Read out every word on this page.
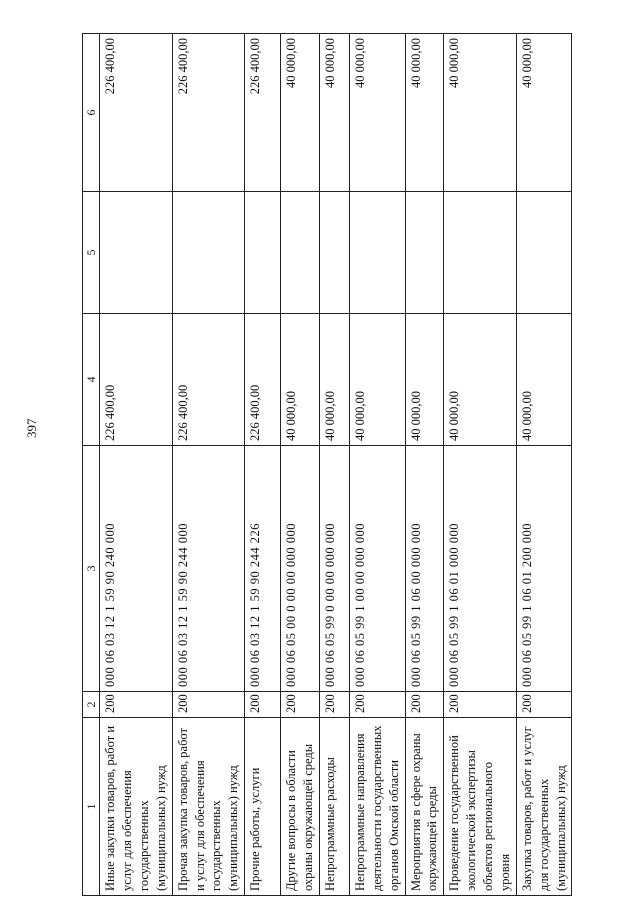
397
1	2	3	4	5	6
Иные закупки товаров, работ и услуг для обеспечения государственных (муниципальных) нужд	200	000 06 03 12 1 59 90 240 000	226 400,00		226 400,00
Прочая закупка товаров, работ и услуг для обеспечения государственных (муниципальных) нужд	200	000 06 03 12 1 59 90 244 000	226 400,00		226 400,00
Прочие работы, услуги	200	000 06 03 12 1 59 90 244 226	226 400,00		226 400,00
Другие вопросы в области охраны окружающей среды	200	000 06 05 00 0 00 00 000 000	40 000,00		40 000,00
Непрограммные расходы	200	000 06 05 99 0 00 00 000 000	40 000,00		40 000,00
Непрограммные направления деятельности государственных органов Омской области	200	000 06 05 99 1 00 00 000 000	40 000,00		40 000,00
Мероприятия в сфере охраны окружающей среды	200	000 06 05 99 1 06 00 000 000	40 000,00		40 000,00
Проведение государственной экологической экспертизы объектов регионального уровня	200	000 06 05 99 1 06 01 000 000	40 000,00		40 000,00
Закупка товаров, работ и услуг для государственных (муниципальных) нужд	200	000 06 05 99 1 06 01 200 000	40 000,00		40 000,00
